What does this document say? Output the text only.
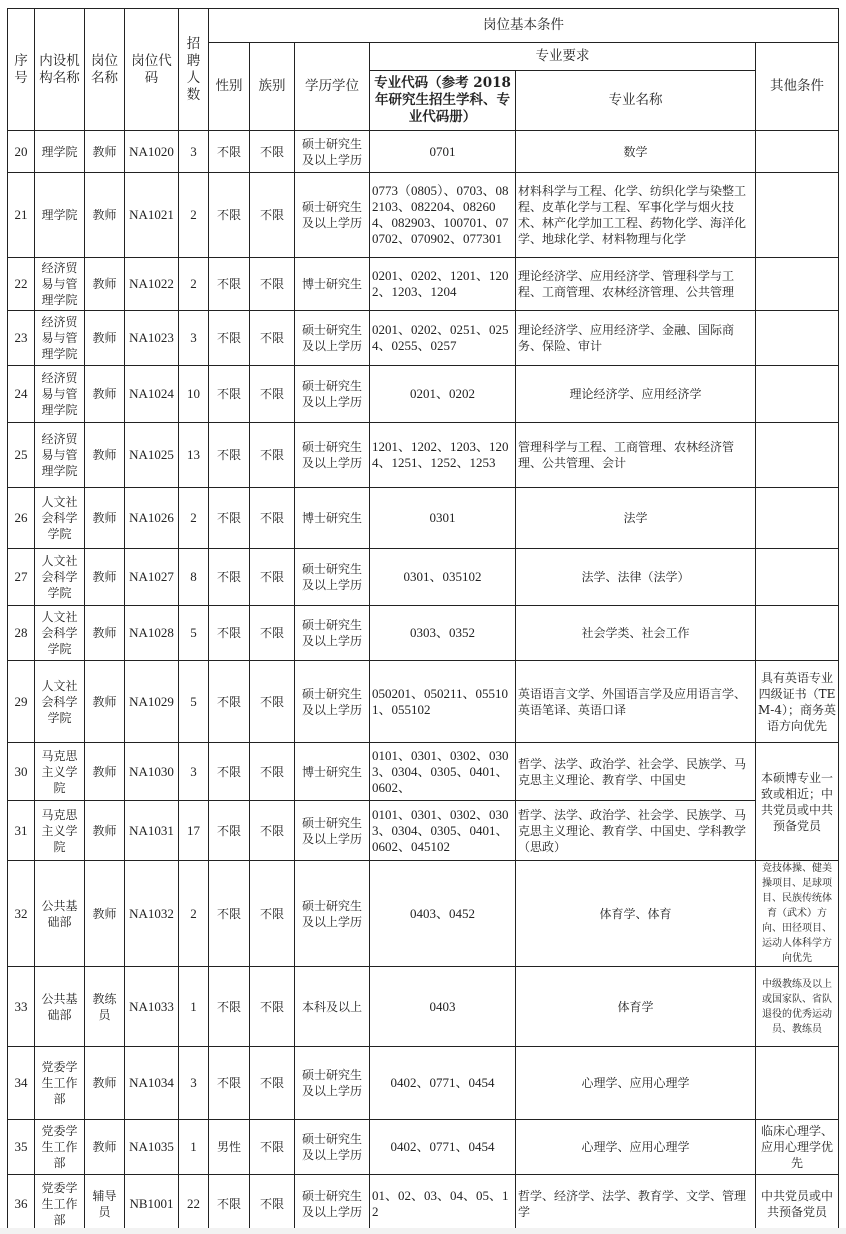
序号	内设机构名称	岗位名称	岗位代码	招聘人数	岗位基本条件					
					性别	族别	学历学位	专业要求		其他条件
								专业代码（参考 2018年研究生招生学科、专业代码册）	专业名称	
20	理学院	教师	NA1020	3	不限	不限	硕士研究生及以上学历	0701	数学	
21	理学院	教师	NA1021	2	不限	不限	硕士研究生及以上学历	0773（0805）、0703、082103、082204、082604、082903、100701、070702、070902、077301	材料科学与工程、化学、纺织化学与染整工程、皮革化学与工程、军事化学与烟火技术、林产化学加工工程、药物化学、海洋化学、地球化学、材料物理与化学	
22	经济贸易与管理学院	教师	NA1022	2	不限	不限	博士研究生	0201、0202、1201、1202、1203、1204	理论经济学、应用经济学、管理科学与工程、工商管理、农林经济管理、公共管理	
23	经济贸易与管理学院	教师	NA1023	3	不限	不限	硕士研究生及以上学历	0201、0202、0251、0254、0255、0257	理论经济学、应用经济学、金融、国际商务、保险、审计	
24	经济贸易与管理学院	教师	NA1024	10	不限	不限	硕士研究生及以上学历	0201、0202	理论经济学、应用经济学	
25	经济贸易与管理学院	教师	NA1025	13	不限	不限	硕士研究生及以上学历	1201、1202、1203、1204、1251、1252、1253	管理科学与工程、工商管理、农林经济管理、公共管理、会计	
26	人文社会科学学院	教师	NA1026	2	不限	不限	博士研究生	0301	法学	
27	人文社会科学学院	教师	NA1027	8	不限	不限	硕士研究生及以上学历	0301、035102	法学、法律（法学）	
28	人文社会科学学院	教师	NA1028	5	不限	不限	硕士研究生及以上学历	0303、0352	社会学类、社会工作	
29	人文社会科学学院	教师	NA1029	5	不限	不限	硕士研究生及以上学历	050201、050211、055101、055102	英语语言文学、外国语言学及应用语言学、英语笔译、英语口译	具有英语专业四级证书（TEM-4）；商务英语方向优先
30	马克思主义学院	教师	NA1030	3	不限	不限	博士研究生	0101、0301、0302、0303、0304、0305、0401、0602、	哲学、法学、政治学、社会学、民族学、马克思主义理论、教育学、中国史	本硕博专业一致或相近；中共党员或中共预备党员
31	马克思主义学院	教师	NA1031	17	不限	不限	硕士研究生及以上学历	0101、0301、0302、0303、0304、0305、0401、0602、045102	哲学、法学、政治学、社会学、民族学、马克思主义理论、教育学、中国史、学科教学（思政）	
32	公共基础部	教师	NA1032	2	不限	不限	硕士研究生及以上学历	0403、0452	体育学、体育	竞技体操、健美操项目、足球项目、民族传统体育（武术）方向、田径项目、运动人体科学方向优先
33	公共基础部	教练员	NA1033	1	不限	不限	本科及以上	0403	体育学	中级教练及以上或国家队、省队退役的优秀运动员、教练员
34	党委学生工作部	教师	NA1034	3	不限	不限	硕士研究生及以上学历	0402、0771、0454	心理学、应用心理学	
35	党委学生工作部	教师	NA1035	1	男性	不限	硕士研究生及以上学历	0402、0771、0454	心理学、应用心理学	临床心理学、应用心理学优先
36	党委学生工作部	辅导员	NB1001	22	不限	不限	硕士研究生及以上学历	01、02、03、04、05、12	哲学、经济学、法学、教育学、文学、管理学	中共党员或中共预备党员
